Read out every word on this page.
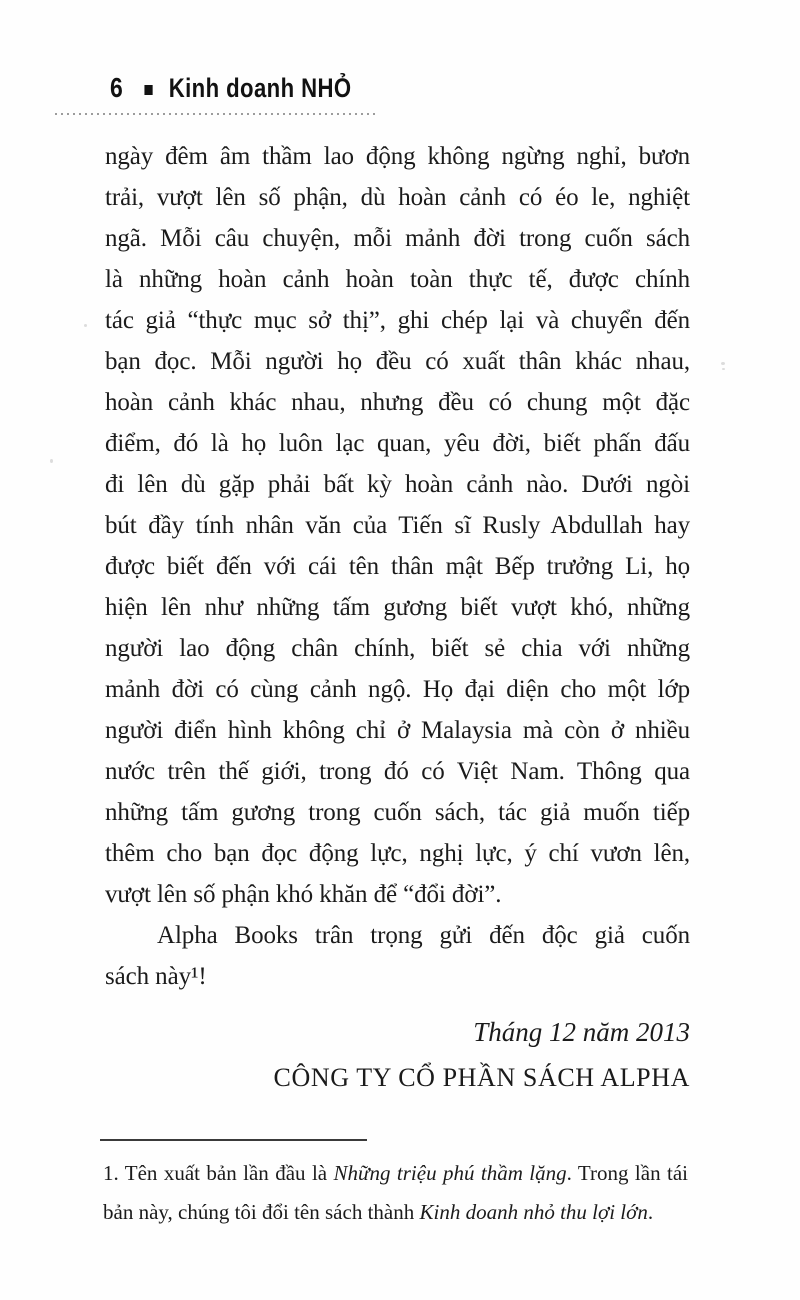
6 Kinh doanh NHỎ
ngày đêm âm thầm lao động không ngừng nghỉ, bươn
trải, vượt lên số phận, dù hoàn cảnh có éo le, nghiệt
ngã. Mỗi câu chuyện, mỗi mảnh đời trong cuốn sách
là những hoàn cảnh hoàn toàn thực tế, được chính
tác giả “thực mục sở thị”, ghi chép lại và chuyển đến
bạn đọc. Mỗi người họ đều có xuất thân khác nhau,
hoàn cảnh khác nhau, nhưng đều có chung một đặc
điểm, đó là họ luôn lạc quan, yêu đời, biết phấn đấu
đi lên dù gặp phải bất kỳ hoàn cảnh nào. Dưới ngòi
bút đầy tính nhân văn của Tiến sĩ Rusly Abdullah hay
được biết đến với cái tên thân mật Bếp trưởng Li, họ
hiện lên như những tấm gương biết vượt khó, những
người lao động chân chính, biết sẻ chia với những
mảnh đời có cùng cảnh ngộ. Họ đại diện cho một lớp
người điển hình không chỉ ở Malaysia mà còn ở nhiều
nước trên thế giới, trong đó có Việt Nam. Thông qua
những tấm gương trong cuốn sách, tác giả muốn tiếp
thêm cho bạn đọc động lực, nghị lực, ý chí vươn lên,
vượt lên số phận khó khăn để “đổi đời”.
Alpha Books trân trọng gửi đến độc giả cuốn
sách này¹!
Tháng 12 năm 2013
CÔNG TY CỔ PHẦN SÁCH ALPHA
1. Tên xuất bản lần đầu là Những triệu phú thầm lặng. Trong lần tái
bản này, chúng tôi đổi tên sách thành Kinh doanh nhỏ thu lợi lớn.
